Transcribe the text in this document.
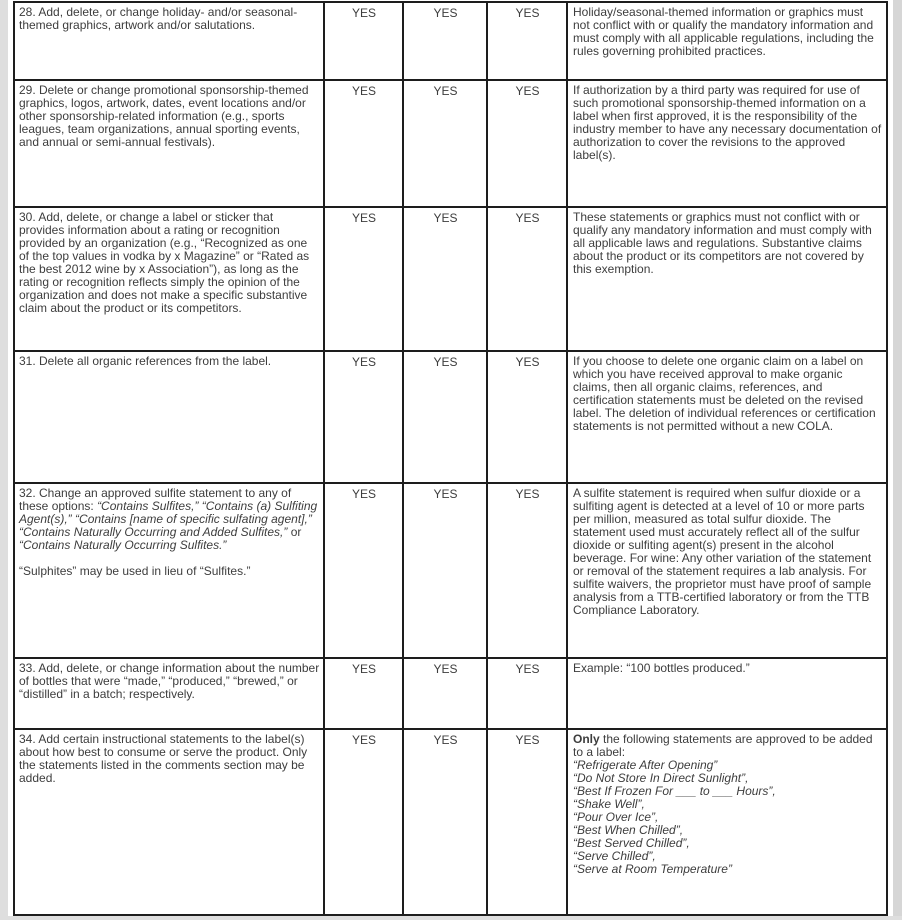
28. Add, delete, or change holiday- and/or seasonal-themed graphics, artwork and/or salutations.	YES	YES	YES	Holiday/seasonal-themed information or graphics must not conflict with or qualify the mandatory information and must comply with all applicable regulations, including the rules governing prohibited practices.

29. Delete or change promotional sponsorship-themed graphics, logos, artwork, dates, event locations and/or other sponsorship-related information (e.g., sports leagues, team organizations, annual sporting events, and annual or semi-annual festivals).
	YES	YES	YES	If authorization by a third party was required for use of such promotional sponsorship-themed information on a label when first approved, it is the responsibility of the industry member to have any necessary documentation of authorization to cover the revisions to the approved label(s).

30. Add, delete, or change a label or sticker that provides information about a rating or recognition provided by an organization (e.g., “Recognized as one of the top values in vodka by x Magazine” or “Rated as the best 2012 wine by x Association”), as long as the rating or recognition reflects simply the opinion of the organization and does not make a specific substantive claim about the product or its competitors.
	YES	YES	YES	These statements or graphics must not conflict with or qualify any mandatory information and must comply with all applicable laws and regulations. Substantive claims about the product or its competitors are not covered by this exemption.

31. Delete all organic references from the label.	YES	YES	YES	If you choose to delete one organic claim on a label on which you have received approval to make organic claims, then all organic claims, references, and certification statements must be deleted on the revised label. The deletion of individual references or certification statements is not permitted without a new COLA.

32. Change an approved sulfite statement to any of these options: “Contains Sulfites,” “Contains (a) Sulfiting Agent(s),” “Contains [name of specific sulfating agent],” “Contains Naturally Occurring and Added Sulfites,” or “Contains Naturally Occurring Sulfites.”
“Sulphites” may be used in lieu of “Sulfites.”
	YES	YES	YES	A sulfite statement is required when sulfur dioxide or a sulfiting agent is detected at a level of 10 or more parts per million, measured as total sulfur dioxide. The statement used must accurately reflect all of the sulfur dioxide or sulfiting agent(s) present in the alcohol beverage. For wine: Any other variation of the statement or removal of the statement requires a lab analysis. For sulfite waivers, the proprietor must have proof of sample analysis from a TTB-certified laboratory or from the TTB Compliance Laboratory.

33. Add, delete, or change information about the number of bottles that were “made,” “produced,” “brewed,” or “distilled” in a batch; respectively.	YES	YES	YES	Example: “100 bottles produced.”

34. Add certain instructional statements to the label(s) about how best to consume or serve the product. Only the statements listed in the comments section may be added.
	YES	YES	YES	Only the following statements are approved to be added to a label:
“Refrigerate After Opening”
“Do Not Store In Direct Sunlight”,
“Best If Frozen For ___ to ___ Hours”,
“Shake Well”,
“Pour Over Ice”,
“Best When Chilled”,
“Best Served Chilled”,
“Serve Chilled”,
“Serve at Room Temperature”
